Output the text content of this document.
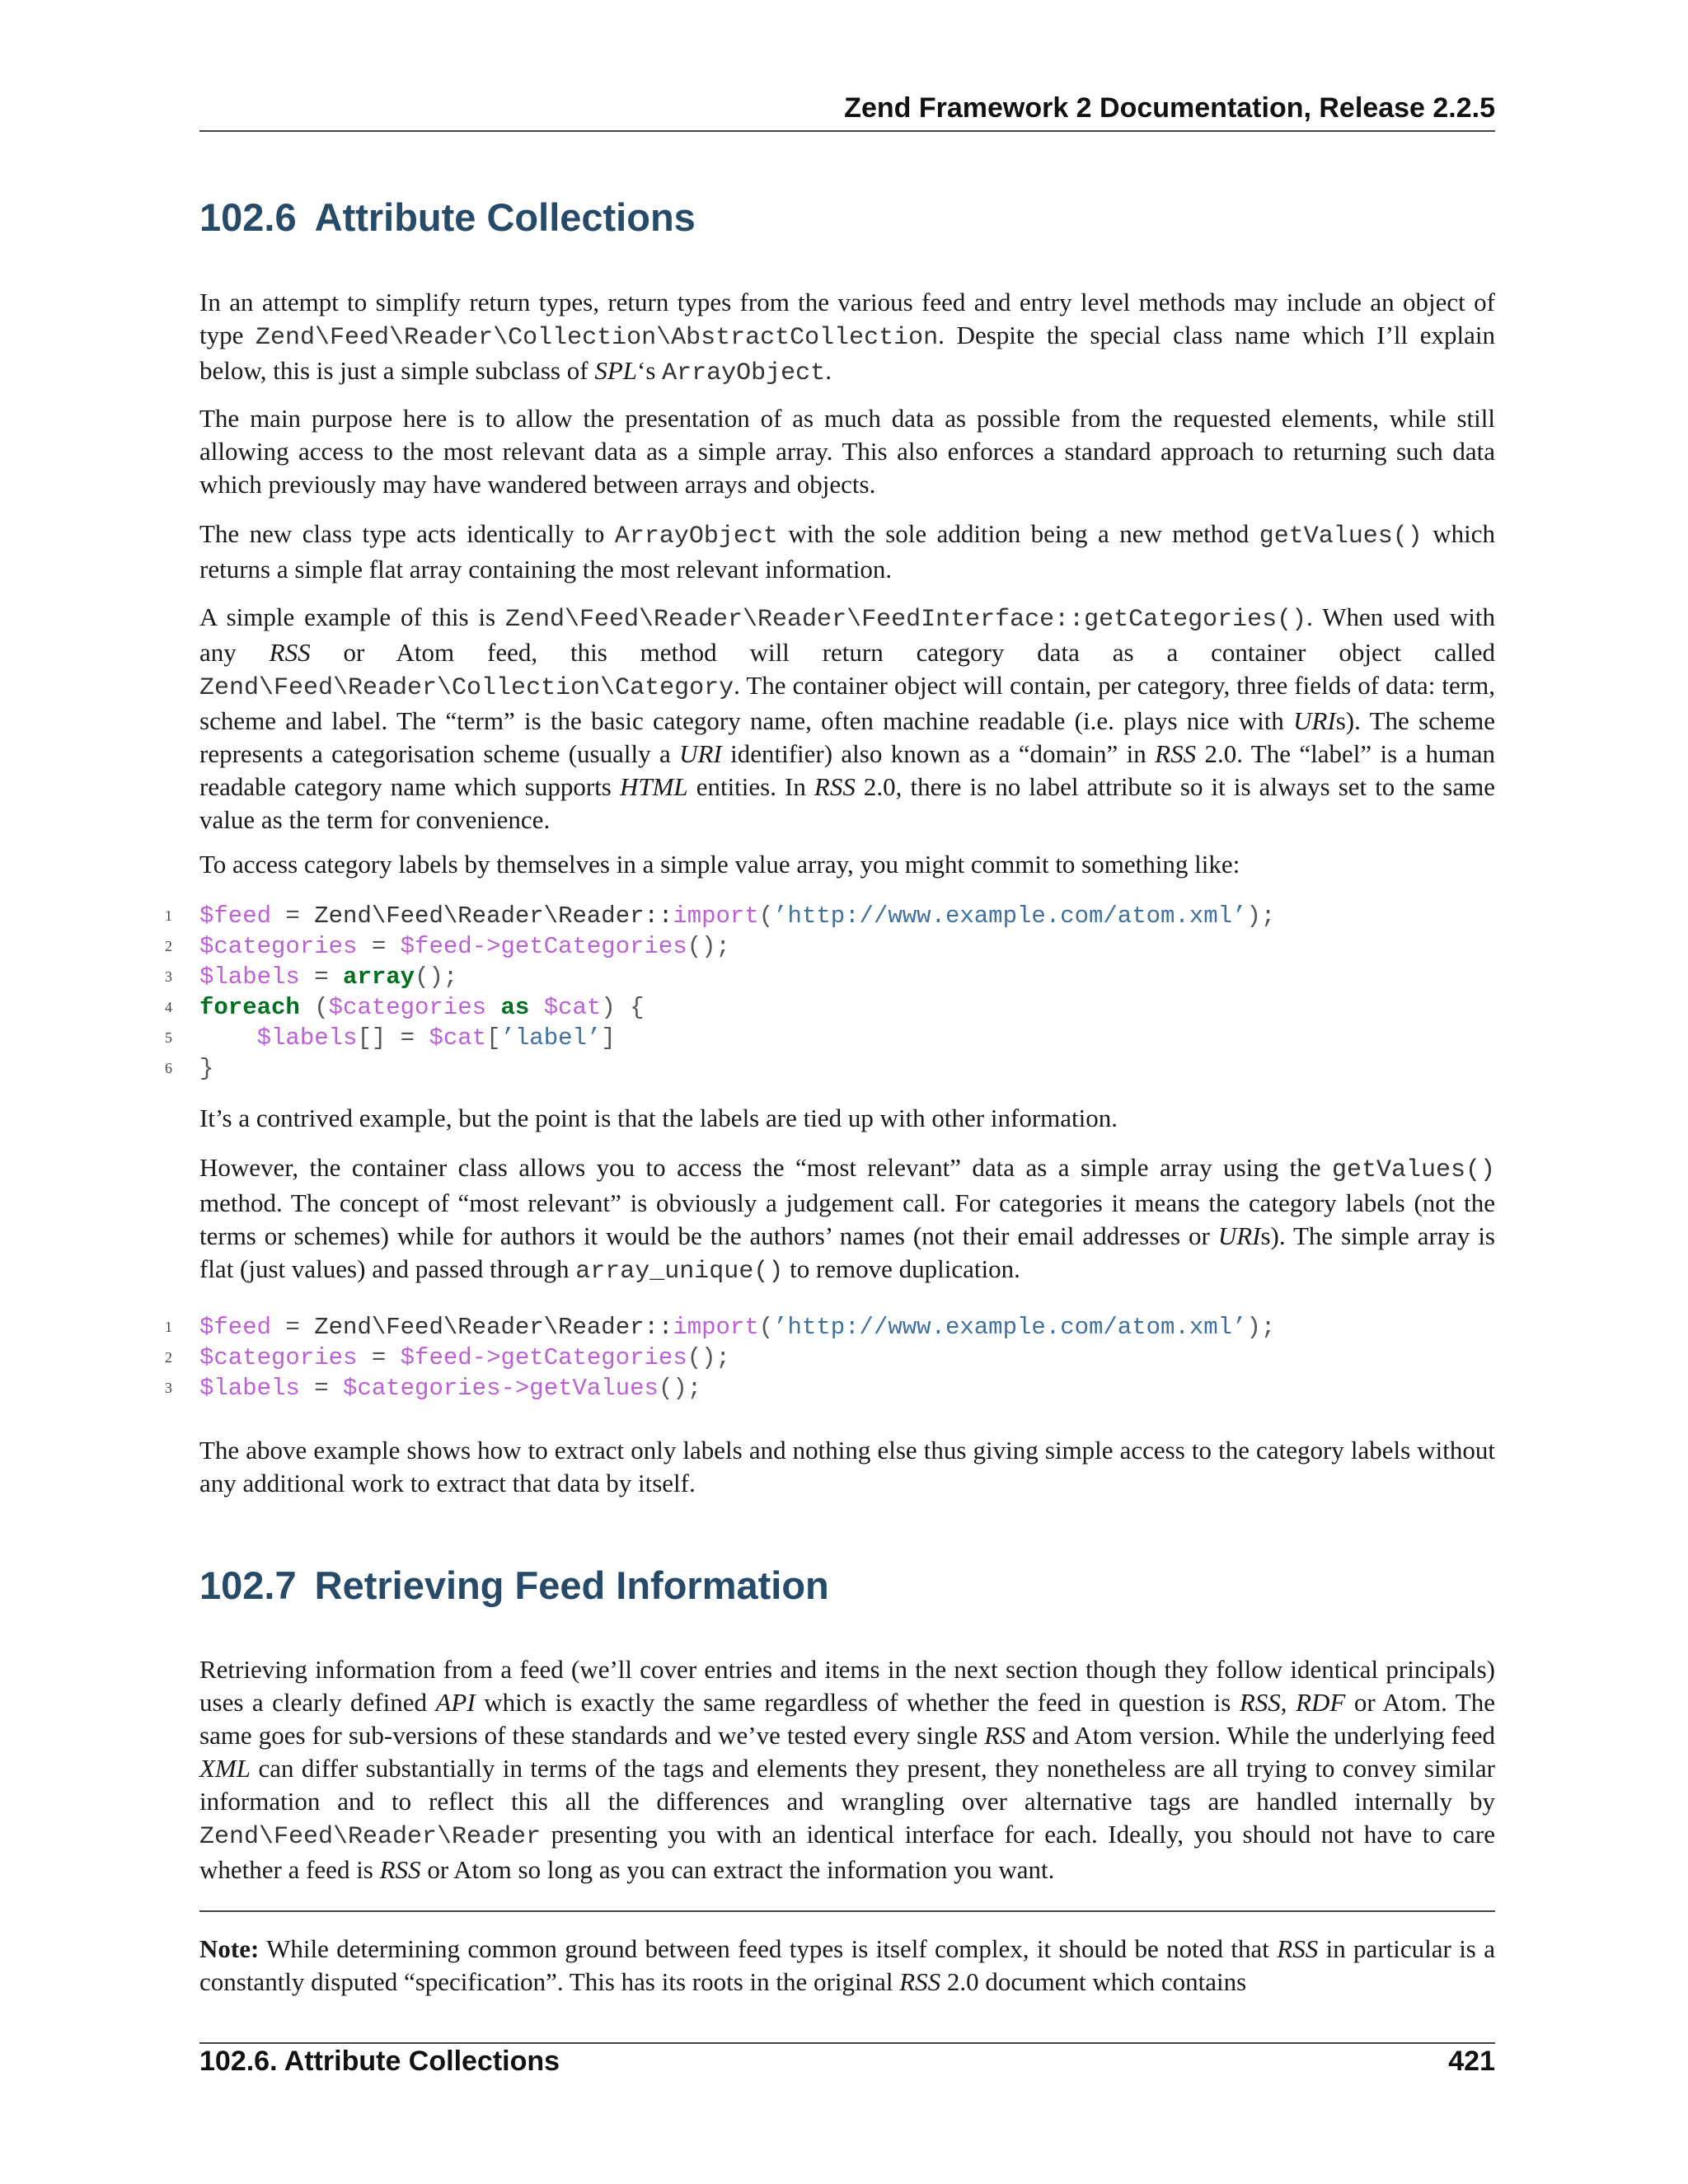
Zend Framework 2 Documentation, Release 2.2.5
102.6 Attribute Collections

In an attempt to simplify return types, return types from the various feed and entry level methods may include an object of type Zend\Feed\Reader\Collection\AbstractCollection. Despite the special class name which I’ll explain below, this is just a simple subclass of SPL‘s ArrayObject.

The main purpose here is to allow the presentation of as much data as possible from the requested elements, while still allowing access to the most relevant data as a simple array. This also enforces a standard approach to returning such data which previously may have wandered between arrays and objects.

The new class type acts identically to ArrayObject with the sole addition being a new method getValues() which returns a simple flat array containing the most relevant information.

A simple example of this is Zend\Feed\Reader\Reader\FeedInterface::getCategories(). When used with any RSS or Atom feed, this method will return category data as a container object called Zend\Feed\Reader\Collection\Category. The container object will contain, per category, three fields of data: term, scheme and label. The “term” is the basic category name, often machine readable (i.e. plays nice with URIs). The scheme represents a categorisation scheme (usually a URI identifier) also known as a “domain” in RSS 2.0. The “label” is a human readable category name which supports HTML entities. In RSS 2.0, there is no label attribute so it is always set to the same value as the term for convenience.

To access category labels by themselves in a simple value array, you might commit to something like:

1	$feed = Zend\Feed\Reader\Reader::import(’http://www.example.com/atom.xml’);
2	$categories = $feed->getCategories();
3	$labels = array();
4	foreach ($categories as $cat) {
5	$labels[] = $cat[’label’]
6	}

It’s a contrived example, but the point is that the labels are tied up with other information.

However, the container class allows you to access the “most relevant” data as a simple array using the getValues() method. The concept of “most relevant” is obviously a judgement call. For categories it means the category labels (not the terms or schemes) while for authors it would be the authors’ names (not their email addresses or URIs). The simple array is flat (just values) and passed through array_unique() to remove duplication.

1	$feed = Zend\Feed\Reader\Reader::import(’http://www.example.com/atom.xml’);
2	$categories = $feed->getCategories();
3	$labels = $categories->getValues();

The above example shows how to extract only labels and nothing else thus giving simple access to the category labels without any additional work to extract that data by itself.

102.7 Retrieving Feed Information

Retrieving information from a feed (we’ll cover entries and items in the next section though they follow identical principals) uses a clearly defined API which is exactly the same regardless of whether the feed in question is RSS, RDF or Atom. The same goes for sub-versions of these standards and we’ve tested every single RSS and Atom version. While the underlying feed XML can differ substantially in terms of the tags and elements they present, they nonetheless are all trying to convey similar information and to reflect this all the differences and wrangling over alternative tags are handled internally by Zend\Feed\Reader\Reader presenting you with an identical interface for each. Ideally, you should not have to care whether a feed is RSS or Atom so long as you can extract the information you want.

Note: While determining common ground between feed types is itself complex, it should be noted that RSS in particular is a constantly disputed “specification”. This has its roots in the original RSS 2.0 document which contains

102.6. Attribute Collections	421
